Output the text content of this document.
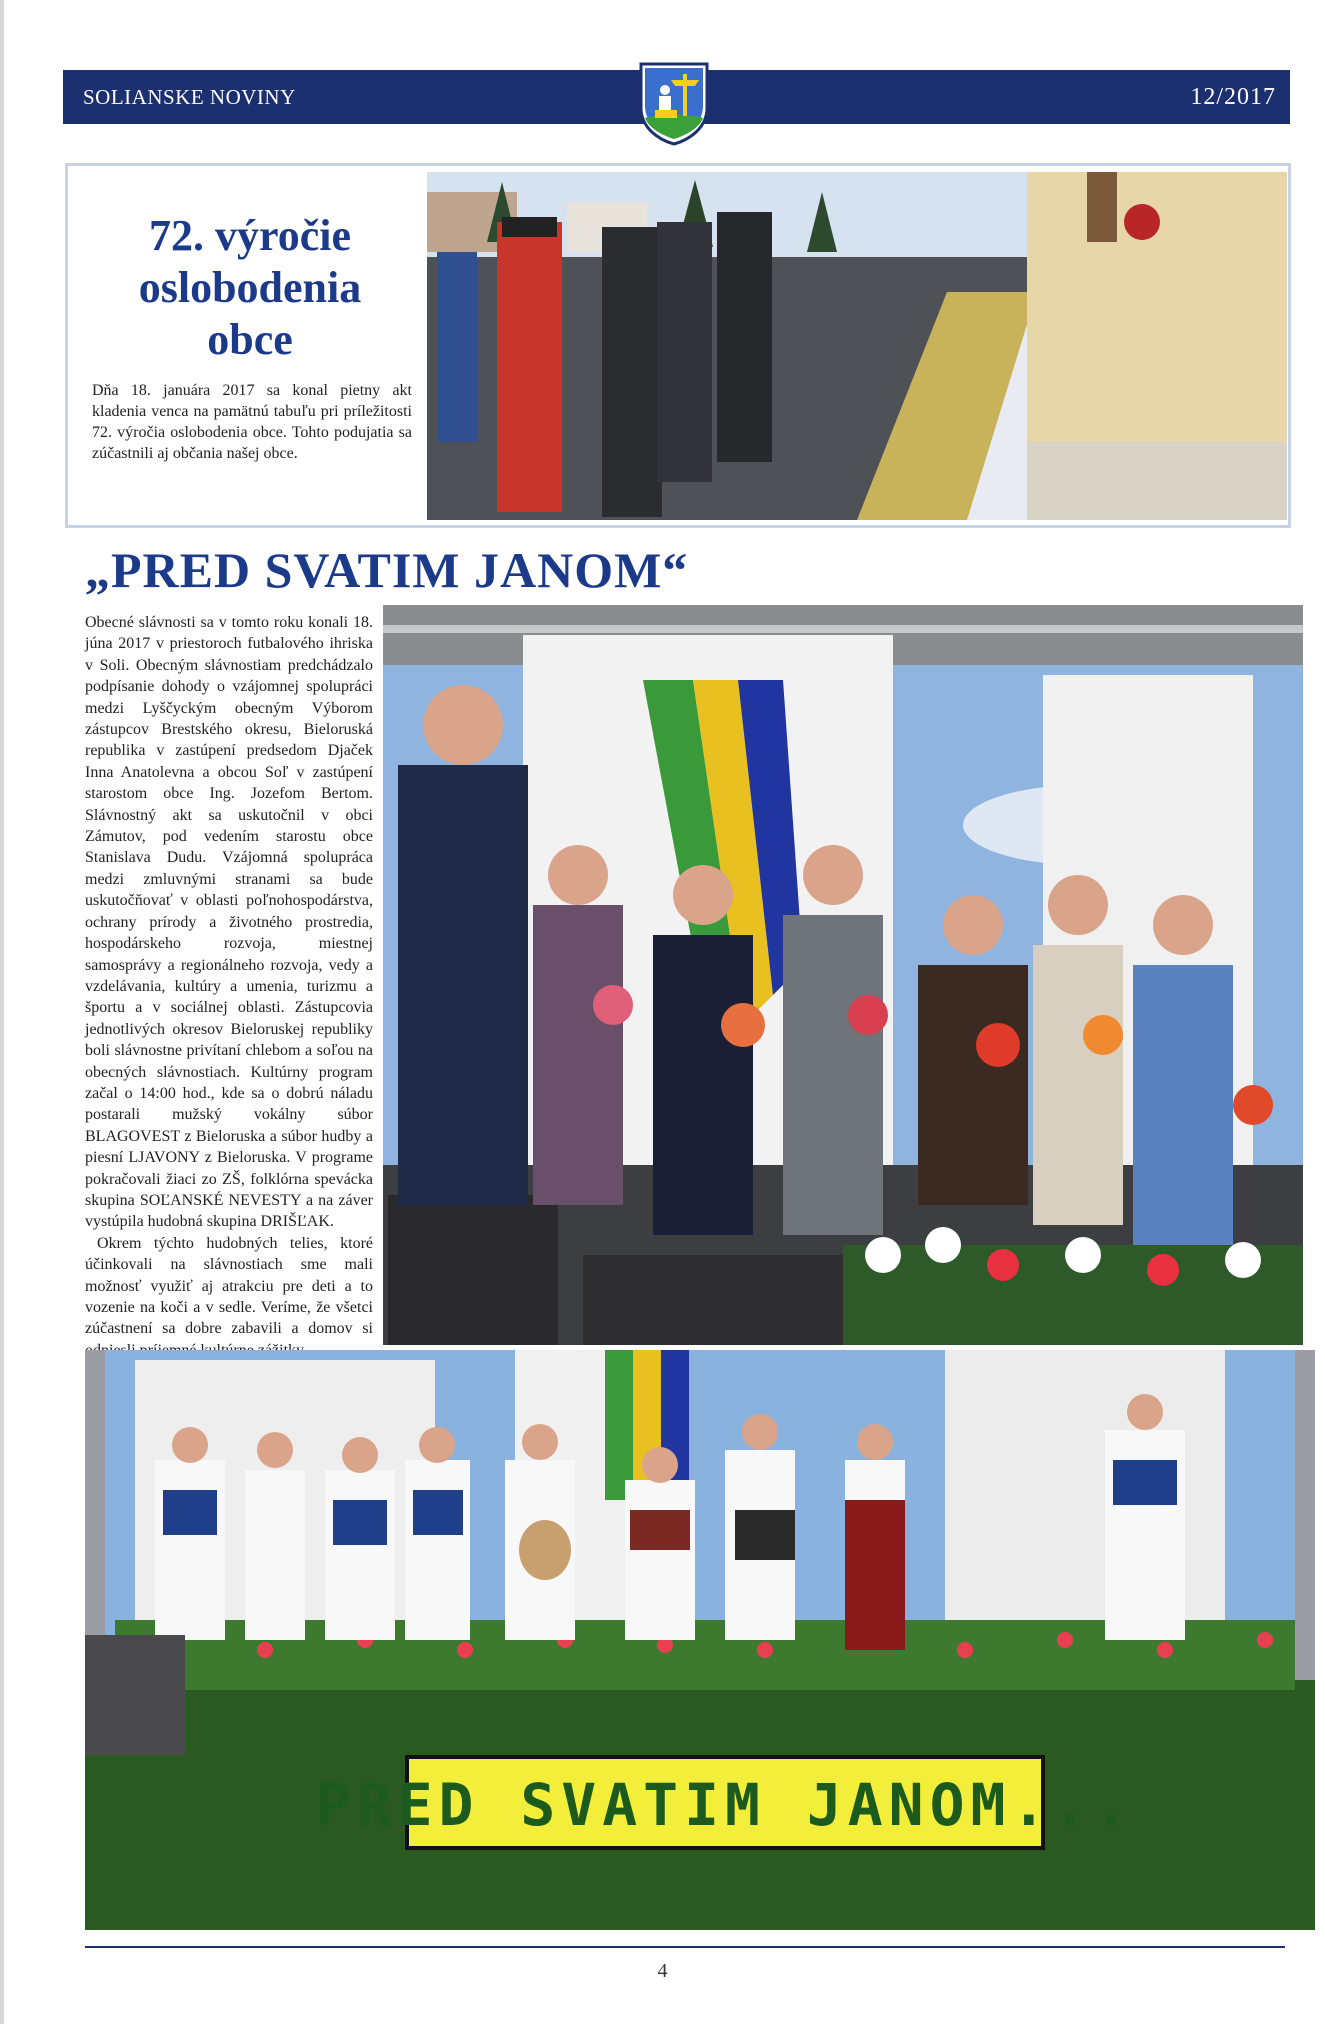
SOLIANSKE NOVINY	12/2017
72. výročie
oslobodenia
obce
Dňa 18. januára 2017 sa konal pietny akt kladenia venca na pamätnú tabuľu pri príležitosti 72. výročia oslobodenia obce. Tohto podujatia sa zúčastnili aj občania našej obce.
„PRED SVATIM JANOM“
Obecné slávnosti sa v tomto roku konali 18. júna 2017 v priestoroch futbalového ihriska v Soli. Obecným slávnostiam predchádzalo podpísanie dohody o vzájomnej spolupráci medzi Lyščyckým obecným Výborom zástupcov Brestského okresu, Bieloruská republika v zastúpení predsedom Djaček Inna Anatolevna a obcou Soľ v zastúpení starostom obce Ing. Jozefom Bertom. Slávnostný akt sa uskutočnil v obci Zámutov, pod vedením starostu obce Stanislava Dudu. Vzájomná spolupráca medzi zmluvnými stranami sa bude uskutočňovať v oblasti poľnohospodárstva, ochrany prírody a životného prostredia, hospodárskeho rozvoja, miestnej samosprávy a regionálneho rozvoja, vedy a vzdelávania, kultúry a umenia, turizmu a športu a v sociálnej oblasti. Zástupcovia jednotlivých okresov Bieloruskej republiky boli slávnostne privítaní chlebom a soľou na obecných slávnostiach. Kultúrny program začal o 14:00 hod., kde sa o dobrú náladu postarali mužský vokálny súbor BLAGOVEST z Bieloruska a súbor hudby a piesní LJAVONY z Bieloruska. V programe pokračovali žiaci zo ZŠ, folklórna spevácka skupina SOĽANSKÉ NEVESTY a na záver vystúpila hudobná skupina DRIŠĽAK.
Okrem týchto hudobných telies, ktoré účinkovali na slávnostiach sme mali možnosť využiť aj atrakciu pre deti a to vozenie na koči a v sedle. Veríme, že všetci zúčastnení sa dobre zabavili a domov si
PRED SVATIM JANOM...
4
